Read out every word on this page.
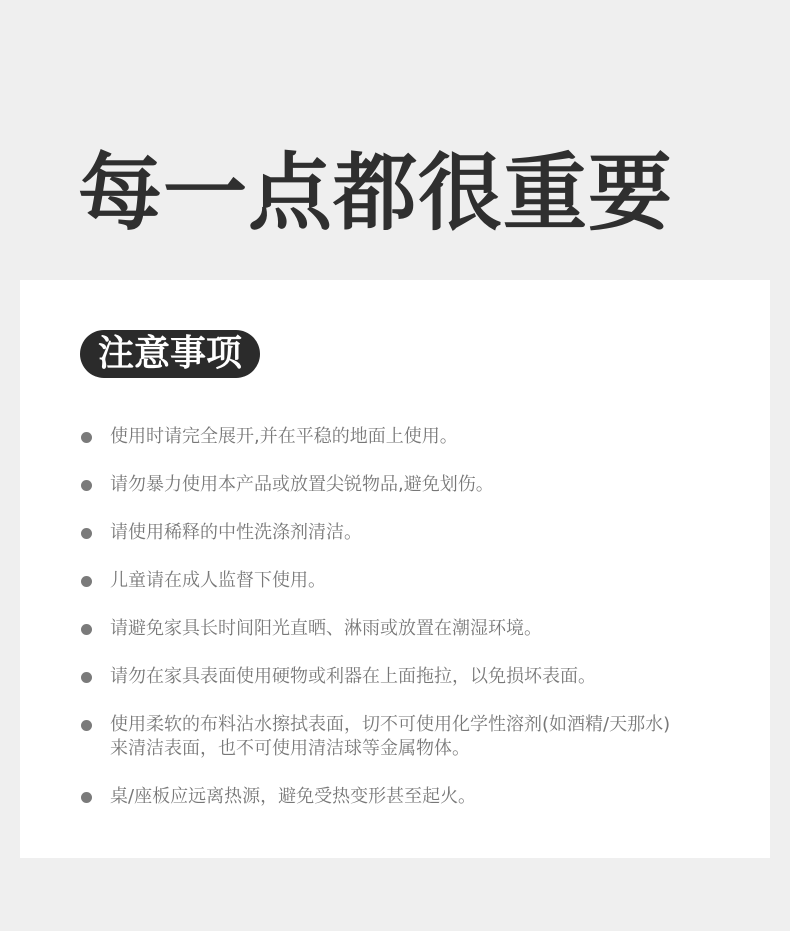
每一点都很重要
注意事项
使用时请完全展开,并在平稳的地面上使用。
请勿暴力使用本产品或放置尖锐物品,避免划伤。
请使用稀释的中性洗涤剂清洁。
儿童请在成人监督下使用。
请避免家具长时间阳光直晒、淋雨或放置在潮湿环境。
请勿在家具表面使用硬物或利器在上面拖拉，以免损坏表面。
使用柔软的布料沾水擦拭表面，切不可使用化学性溶剂(如酒精/天那水)
来清洁表面，也不可使用清洁球等金属物体。
桌/座板应远离热源，避免受热变形甚至起火。
